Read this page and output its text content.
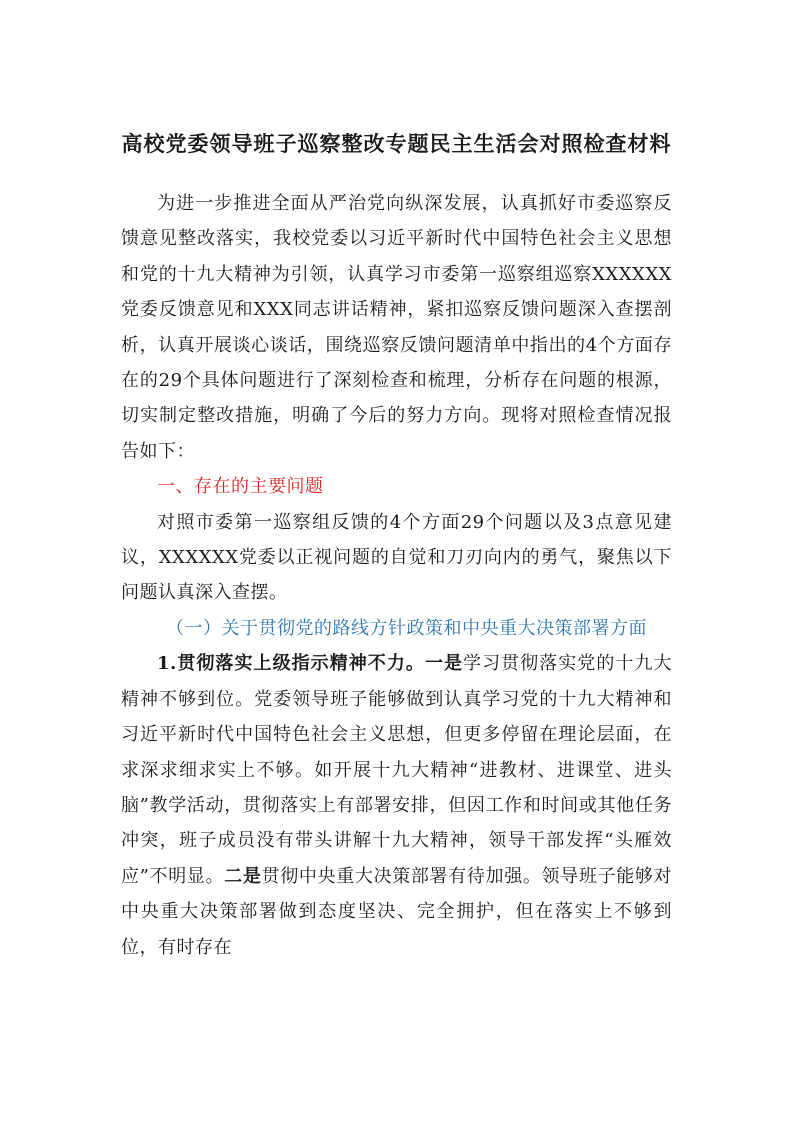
高校党委领导班子巡察整改专题民主生活会对照检查材料

为进一步推进全面从严治党向纵深发展，认真抓好市委巡察反馈意见整改落实，我校党委以习近平新时代中国特色社会主义思想和党的十九大精神为引领，认真学习市委第一巡察组巡察XXXXXX党委反馈意见和XXX同志讲话精神，紧扣巡察反馈问题深入查摆剖析，认真开展谈心谈话，围绕巡察反馈问题清单中指出的4个方面存在的29个具体问题进行了深刻检查和梳理，分析存在问题的根源，切实制定整改措施，明确了今后的努力方向。现将对照检查情况报告如下：

一、存在的主要问题

对照市委第一巡察组反馈的4个方面29个问题以及3点意见建议，XXXXXX党委以正视问题的自觉和刀刃向内的勇气，聚焦以下问题认真深入查摆。

（一）关于贯彻党的路线方针政策和中央重大决策部署方面

1.贯彻落实上级指示精神不力。一是学习贯彻落实党的十九大精神不够到位。党委领导班子能够做到认真学习党的十九大精神和习近平新时代中国特色社会主义思想，但更多停留在理论层面，在求深求细求实上不够。如开展十九大精神“进教材、进课堂、进头脑”教学活动，贯彻落实上有部署安排，但因工作和时间或其他任务冲突，班子成员没有带头讲解十九大精神，领导干部发挥“头雁效应”不明显。二是贯彻中央重大决策部署有待加强。领导班子能够对中央重大决策部署做到态度坚决、完全拥护，但在落实上不够到位，有时存在
